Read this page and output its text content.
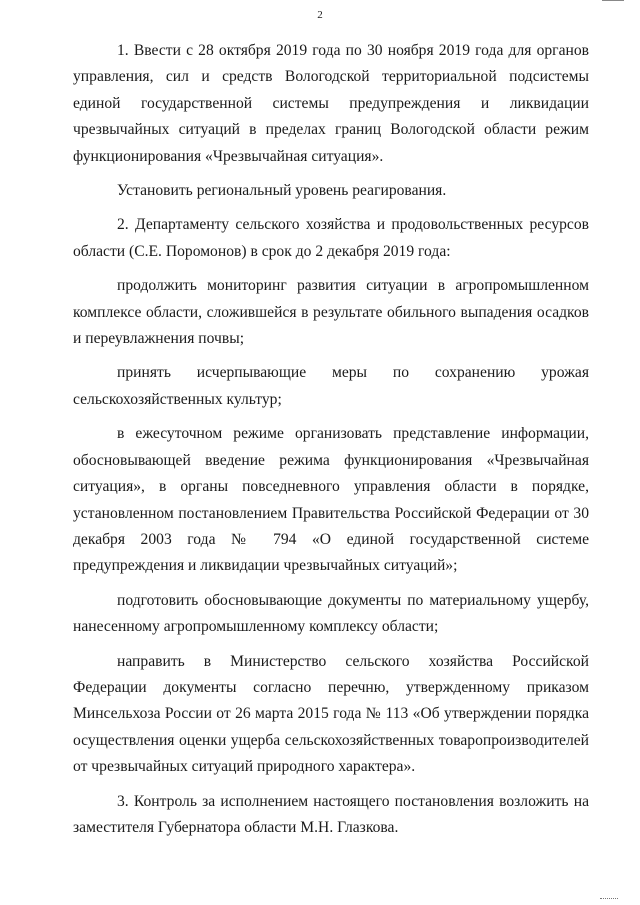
2

1. Ввести с 28 октября 2019 года по 30 ноября 2019 года для органов управления, сил и средств Вологодской территориальной подсистемы единой государственной системы предупреждения и ликвидации чрезвычайных ситуаций в пределах границ Вологодской области режим функционирования «Чрезвычайная ситуация».

Установить региональный уровень реагирования.

2. Департаменту сельского хозяйства и продовольственных ресурсов области (С.Е. Поромонов) в срок до 2 декабря 2019 года:

продолжить мониторинг развития ситуации в агропромышленном комплексе области, сложившейся в результате обильного выпадения осадков и переувлажнения почвы;

принять исчерпывающие меры по сохранению урожая сельскохозяйственных культур;

в ежесуточном режиме организовать представление информации, обосновывающей введение режима функционирования «Чрезвычайная ситуация», в органы повседневного управления области в порядке, установленном постановлением Правительства Российской Федерации от 30 декабря 2003 года № 794 «О единой государственной системе предупреждения и ликвидации чрезвычайных ситуаций»;

подготовить обосновывающие документы по материальному ущербу, нанесенному агропромышленному комплексу области;

направить в Министерство сельского хозяйства Российской Федерации документы согласно перечню, утвержденному приказом Минсельхоза России от 26 марта 2015 года № 113 «Об утверждении порядка осуществления оценки ущерба сельскохозяйственных товаропроизводителей от чрезвычайных ситуаций природного характера».

3. Контроль за исполнением настоящего постановления возложить на заместителя Губернатора области М.Н. Глазкова.
